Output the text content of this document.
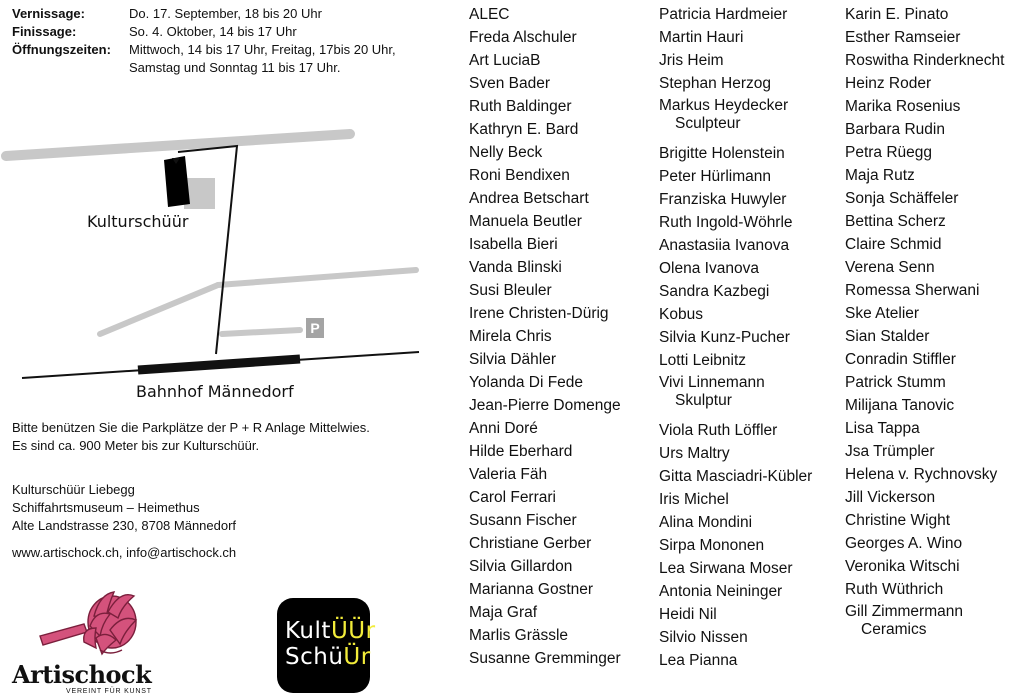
Vernissage:	Do. 17. September, 18 bis 20 Uhr
Finissage:	So. 4. Oktober, 14 bis 17 Uhr
Öffnungszeiten:	Mittwoch, 14 bis 17 Uhr, Freitag, 17bis 20 Uhr,
Samstag und Sonntag 11 bis 17 Uhr.
Kulturschüür
Bahnhof Männedorf
P
Bitte benützen Sie die Parkplätze der P + R Anlage Mittelwies.
Es sind ca. 900 Meter bis zur Kulturschüür.
Kulturschüür Liebegg
Schiffahrtsmuseum – Heimethus
Alte Landstrasse 230, 8708 Männedorf
www.artischock.ch, info@artischock.ch
Artischock
VEREINT FÜR KUNST
KultÜÜr
SchüÜr
ALEC
Freda Alschuler
Art LuciaB
Sven Bader
Ruth Baldinger
Kathryn E. Bard
Nelly Beck
Roni Bendixen
Andrea Betschart
Manuela Beutler
Isabella Bieri
Vanda Blinski
Susi Bleuler
Irene Christen-Dürig
Mirela Chris
Silvia Dähler
Yolanda Di Fede
Jean-Pierre Domenge
Anni Doré
Hilde Eberhard
Valeria Fäh
Carol Ferrari
Susann Fischer
Christiane Gerber
Silvia Gillardon
Marianna Gostner
Maja Graf
Marlis Grässle
Susanne Gremminger
Patricia Hardmeier
Martin Hauri
Jris Heim
Stephan Herzog
Markus Heydecker
Sculpteur
Brigitte Holenstein
Peter Hürlimann
Franziska Huwyler
Ruth Ingold-Wöhrle
Anastasiia Ivanova
Olena Ivanova
Sandra Kazbegi
Kobus
Silvia Kunz-Pucher
Lotti Leibnitz
Vivi Linnemann
Skulptur
Viola Ruth Löffler
Urs Maltry
Gitta Masciadri-Kübler
Iris Michel
Alina Mondini
Sirpa Mononen
Lea Sirwana Moser
Antonia Neininger
Heidi Nil
Silvio Nissen
Lea Pianna
Karin E. Pinato
Esther Ramseier
Roswitha Rinderknecht
Heinz Roder
Marika Rosenius
Barbara Rudin
Petra Rüegg
Maja Rutz
Sonja Schäffeler
Bettina Scherz
Claire Schmid
Verena Senn
Romessa Sherwani
Ske Atelier
Sian Stalder
Conradin Stiffler
Patrick Stumm
Milijana Tanovic
Lisa Tappa
Jsa Trümpler
Helena v. Rychnovsky
Jill Vickerson
Christine Wight
Georges A. Wino
Veronika Witschi
Ruth Wüthrich
Gill Zimmermann
Ceramics
